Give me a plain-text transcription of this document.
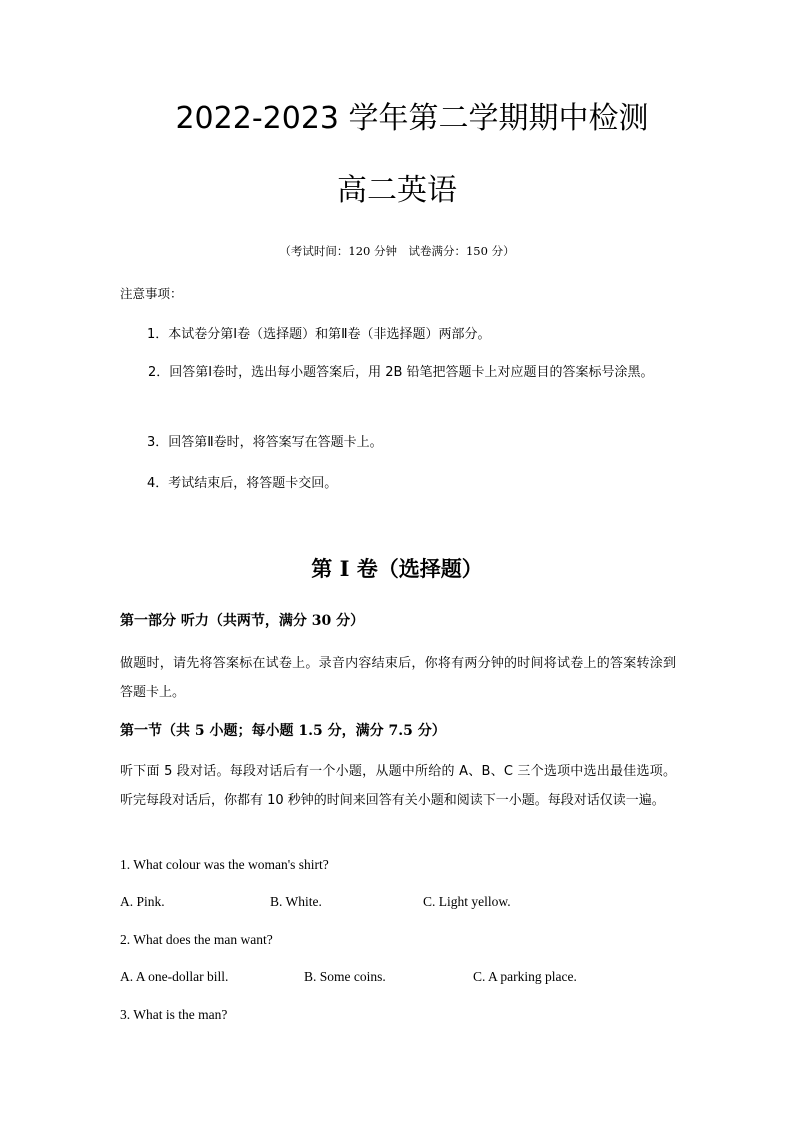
2022-2023 学年第二学期期中检测
高二英语
（考试时间：120 分钟　试卷满分：150 分）
注意事项：
1．本试卷分第Ⅰ卷（选择题）和第Ⅱ卷（非选择题）两部分。
2．回答第Ⅰ卷时，选出每小题答案后，用 2B 铅笔把答题卡上对应题目的答案标号涂黑。
3．回答第Ⅱ卷时，将答案写在答题卡上。
4．考试结束后，将答题卡交回。
第 I 卷（选择题）
第一部分 听力（共两节，满分 30 分）
做题时，请先将答案标在试卷上。录音内容结束后，你将有两分钟的时间将试卷上的答案转涂到答题卡上。
第一节（共 5 小题；每小题 1.5 分，满分 7.5 分）
听下面 5 段对话。每段对话后有一个小题，从题中所给的 A、B、C 三个选项中选出最佳选项。听完每段对话后，你都有 10 秒钟的时间来回答有关小题和阅读下一小题。每段对话仅读一遍。
1. What colour was the woman's shirt?
A. Pink.	B. White.	C. Light yellow.
2. What does the man want?
A. A one-dollar bill.	B. Some coins.	C. A parking place.
3. What is the man?
